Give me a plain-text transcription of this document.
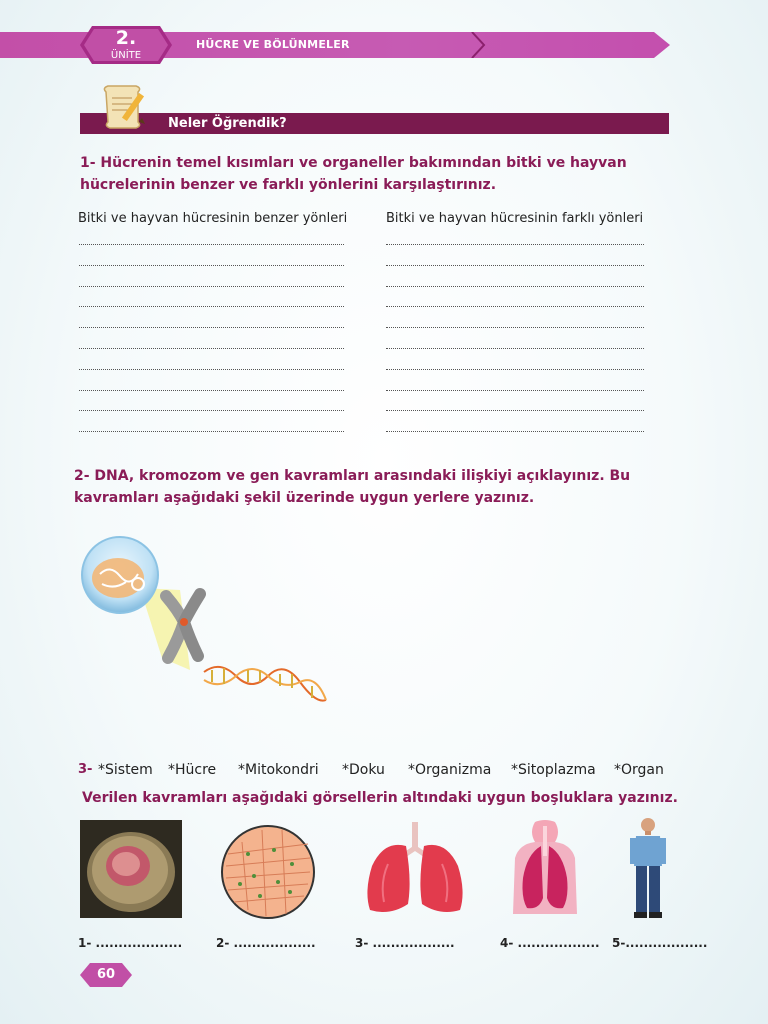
2.
ÜNİTE
HÜCRE VE BÖLÜNMELER
Neler Öğrendik?
1- Hücrenin temel kısımları ve organeller bakımından bitki ve hayvan hücrelerinin benzer ve farklı yönlerini karşılaştırınız.
Bitki ve hayvan hücresinin benzer yönleri	Bitki ve hayvan hücresinin farklı yönleri
2- DNA, kromozom ve gen kavramları arasındaki ilişkiyi açıklayınız. Bu kavramları aşağıdaki şekil üzerinde uygun yerlere yazınız.
3- *Sistem *Hücre *Mitokondri *Doku *Organizma *Sitoplazma *Organ
Verilen kavramları aşağıdaki görsellerin altındaki uygun boşluklara yazınız.
1- ...................	2- ..................	3- ..................	4- .................. 5-..................
60
